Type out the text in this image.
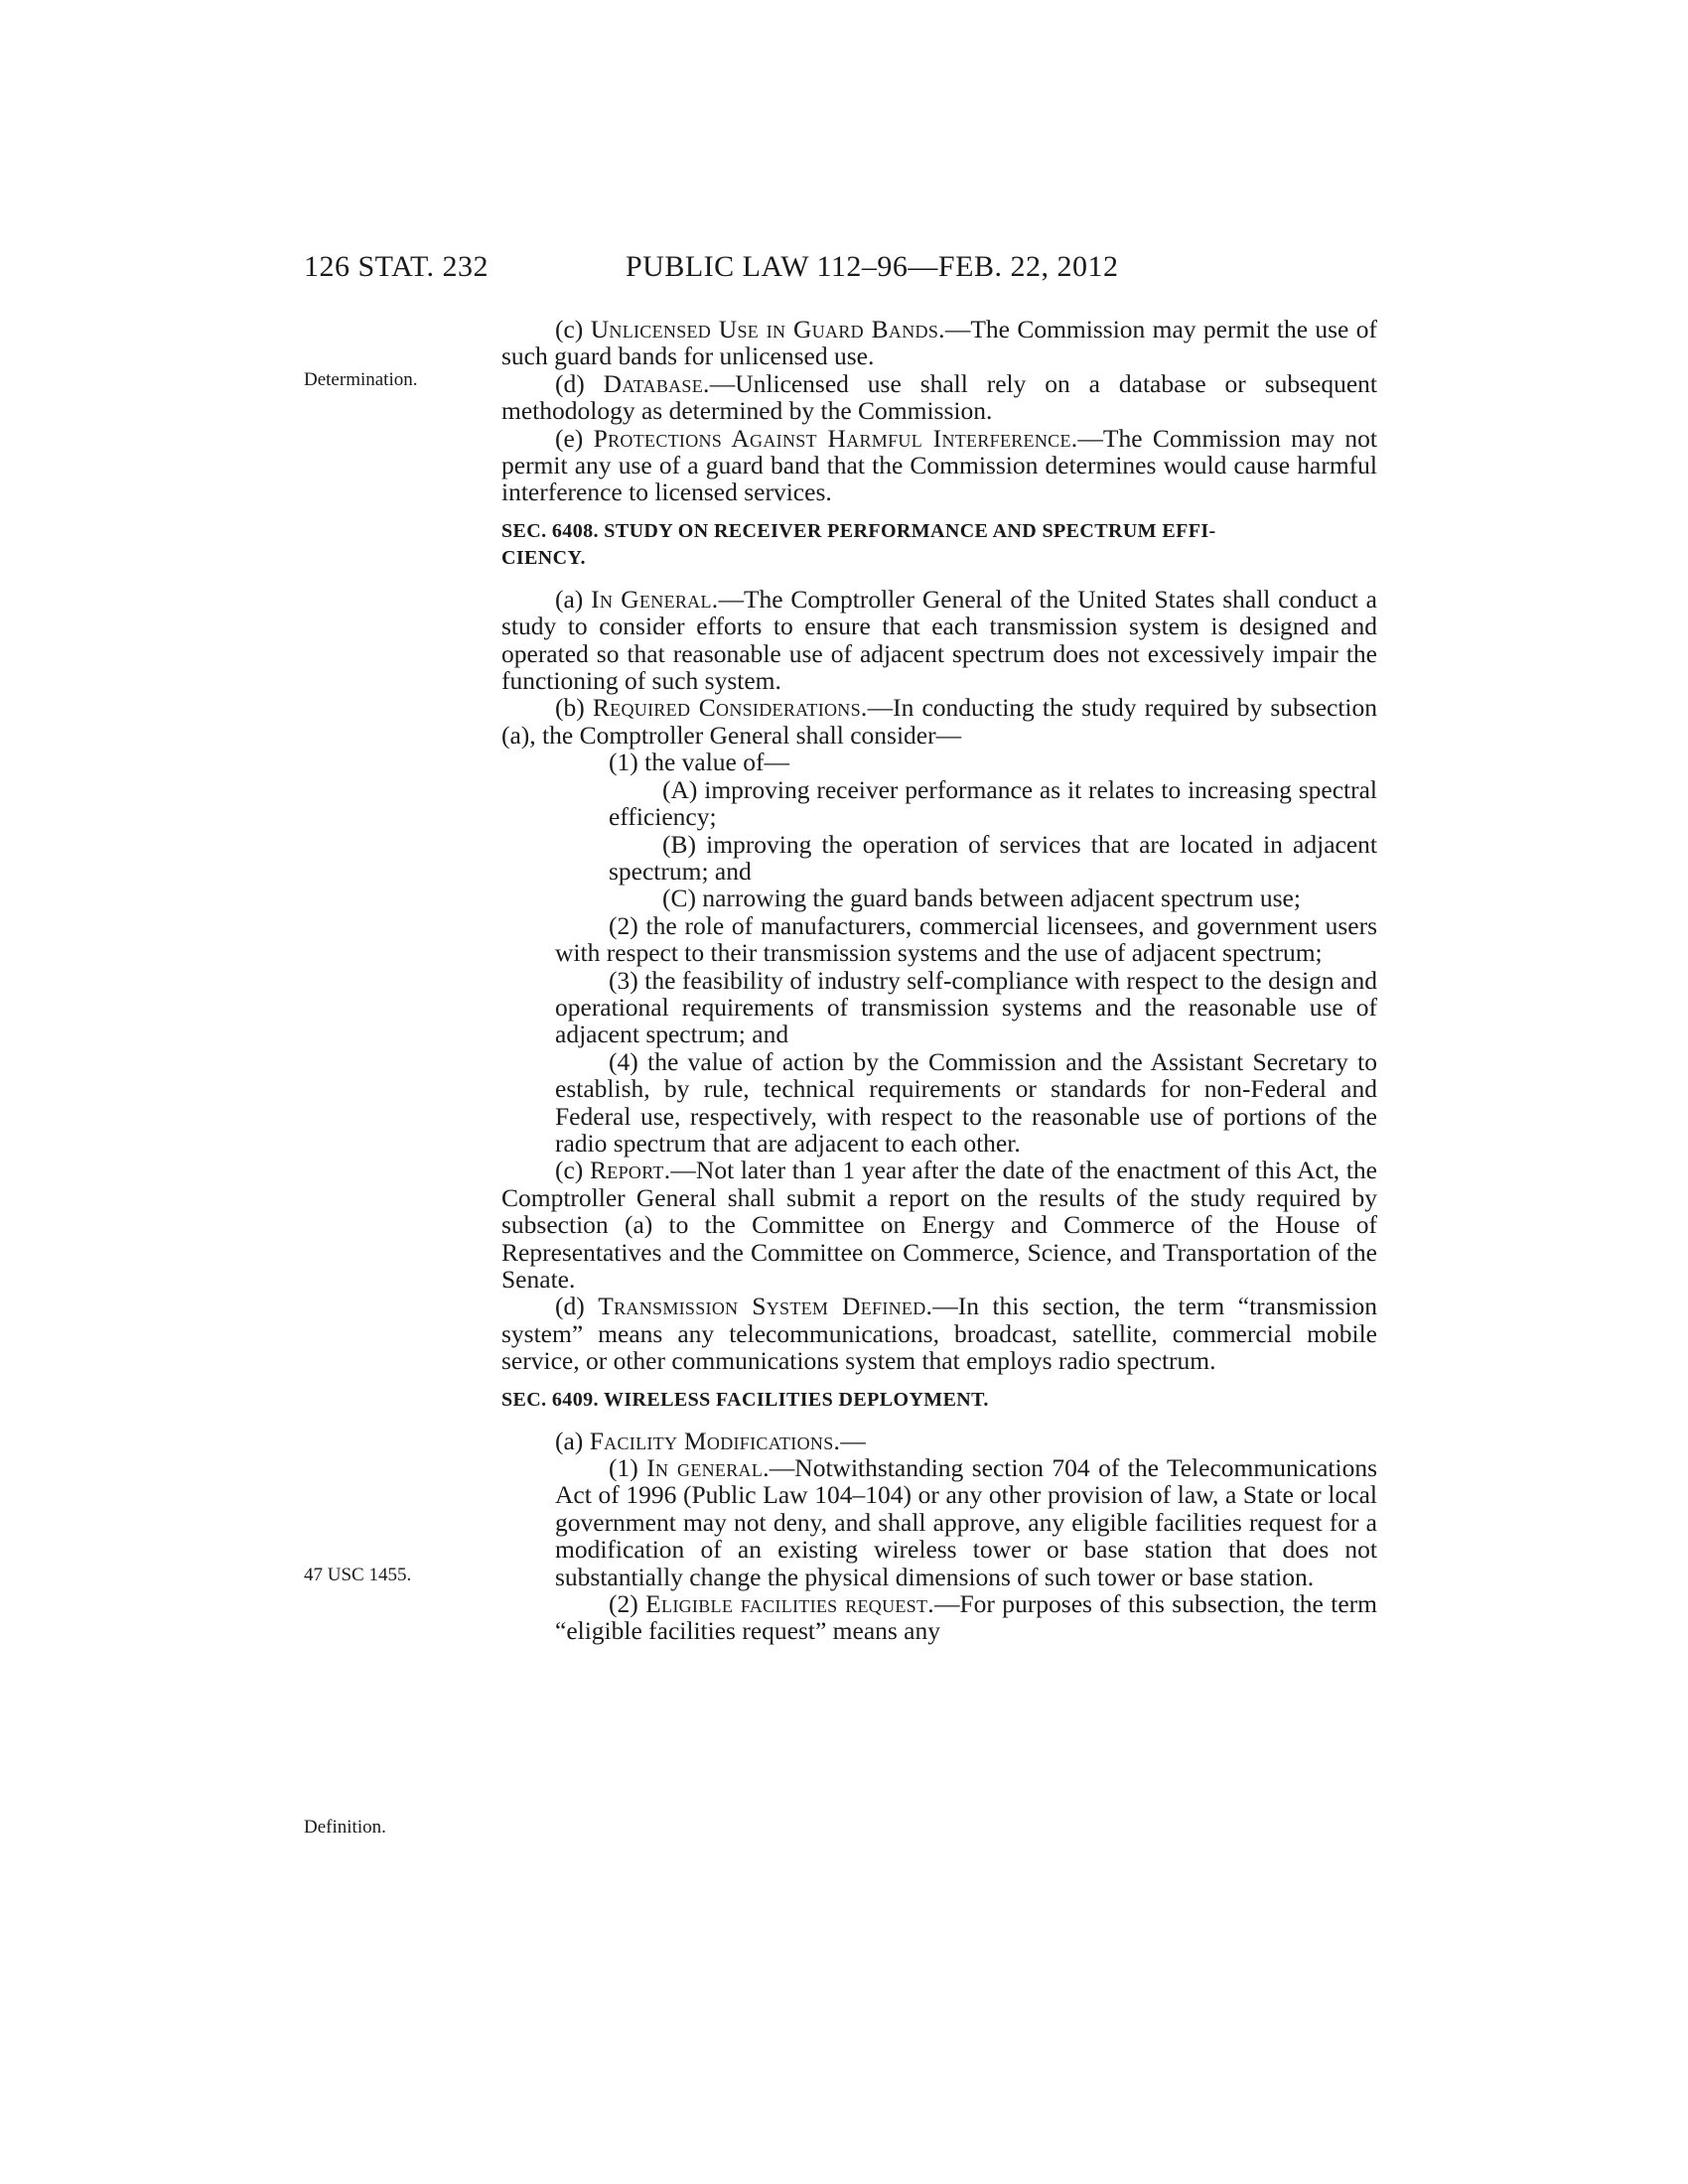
126 STAT. 232	PUBLIC LAW 112–96—FEB. 22, 2012
Determination.
47 USC 1455.
Definition.

(c) Unlicensed Use in Guard Bands.—The Commission may permit the use of such guard bands for unlicensed use.

(d) Database.—Unlicensed use shall rely on a database or subsequent methodology as determined by the Commission.

(e) Protections Against Harmful Interference.—The Commission may not permit any use of a guard band that the Commission determines would cause harmful interference to licensed services.

SEC. 6408. STUDY ON RECEIVER PERFORMANCE AND SPECTRUM EFFI-
CIENCY.

(a) In General.—The Comptroller General of the United States shall conduct a study to consider efforts to ensure that each transmission system is designed and operated so that reasonable use of adjacent spectrum does not excessively impair the functioning of such system.

(b) Required Considerations.—In conducting the study required by subsection (a), the Comptroller General shall consider—

(1) the value of—

(A) improving receiver performance as it relates to increasing spectral efficiency;

(B) improving the operation of services that are located in adjacent spectrum; and

(C) narrowing the guard bands between adjacent spectrum use;

(2) the role of manufacturers, commercial licensees, and government users with respect to their transmission systems and the use of adjacent spectrum;

(3) the feasibility of industry self-compliance with respect to the design and operational requirements of transmission systems and the reasonable use of adjacent spectrum; and

(4) the value of action by the Commission and the Assistant Secretary to establish, by rule, technical requirements or standards for non-Federal and Federal use, respectively, with respect to the reasonable use of portions of the radio spectrum that are adjacent to each other.

(c) Report.—Not later than 1 year after the date of the enactment of this Act, the Comptroller General shall submit a report on the results of the study required by subsection (a) to the Committee on Energy and Commerce of the House of Representatives and the Committee on Commerce, Science, and Transportation of the Senate.

(d) Transmission System Defined.—In this section, the term “transmission system” means any telecommunications, broadcast, satellite, commercial mobile service, or other communications system that employs radio spectrum.

SEC. 6409. WIRELESS FACILITIES DEPLOYMENT.

(a) Facility Modifications.—

(1) In general.—Notwithstanding section 704 of the Telecommunications Act of 1996 (Public Law 104–104) or any other provision of law, a State or local government may not deny, and shall approve, any eligible facilities request for a modification of an existing wireless tower or base station that does not substantially change the physical dimensions of such tower or base station.

(2) Eligible facilities request.—For purposes of this subsection, the term “eligible facilities request” means any
